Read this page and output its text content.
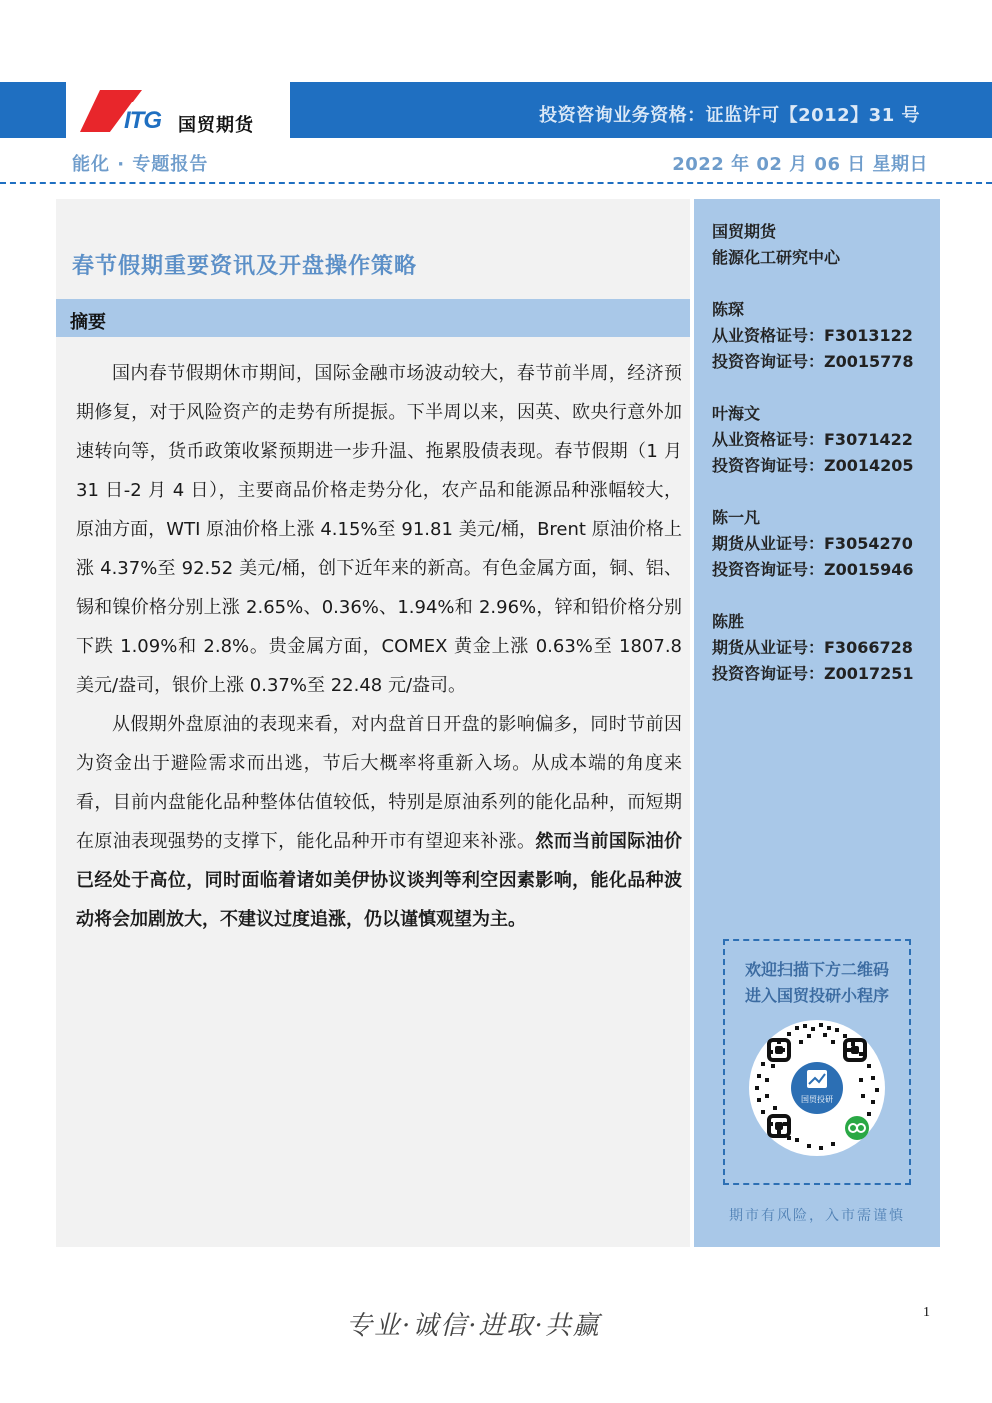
ITG 国贸期货	投资咨询业务资格：证监许可【2012】31 号
能化 · 专题报告	2022 年 02 月 06 日 星期日
春节假期重要资讯及开盘操作策略
摘要

国内春节假期休市期间，国际金融市场波动较大，春节前半周，经济预期修复，对于风险资产的走势有所提振。下半周以来，因英、欧央行意外加速转向等，货币政策收紧预期进一步升温、拖累股债表现。春节假期（1 月 31 日-2 月 4 日），主要商品价格走势分化，农产品和能源品种涨幅较大，原油方面，WTI 原油价格上涨 4.15%至 91.81 美元/桶，Brent 原油价格上涨 4.37%至 92.52 美元/桶，创下近年来的新高。有色金属方面，铜、铝、锡和镍价格分别上涨 2.65%、0.36%、1.94%和 2.96%，锌和铅价格分别下跌 1.09%和 2.8%。贵金属方面，COMEX 黄金上涨 0.63%至 1807.8 美元/盎司，银价上涨 0.37%至 22.48 元/盎司。

从假期外盘原油的表现来看，对内盘首日开盘的影响偏多，同时节前因为资金出于避险需求而出逃，节后大概率将重新入场。从成本端的角度来看，目前内盘能化品种整体估值较低，特别是原油系列的能化品种，而短期在原油表现强势的支撑下，能化品种开市有望迎来补涨。然而当前国际油价已经处于高位，同时面临着诸如美伊协议谈判等利空因素影响，能化品种波动将会加剧放大，不建议过度追涨，仍以谨慎观望为主。

国贸期货
能源化工研究中心
陈琛
从业资格证号：F3013122
投资咨询证号：Z0015778
叶海文
从业资格证号：F3071422
投资咨询证号：Z0014205
陈一凡
期货从业证号：F3054270
投资咨询证号：Z0015946
陈胜
期货从业证号：F3066728
投资咨询证号：Z0017251
欢迎扫描下方二维码
进入国贸投研小程序
国贸投研
期市有风险，入市需谨慎
专业·诚信·进取·共赢	1
